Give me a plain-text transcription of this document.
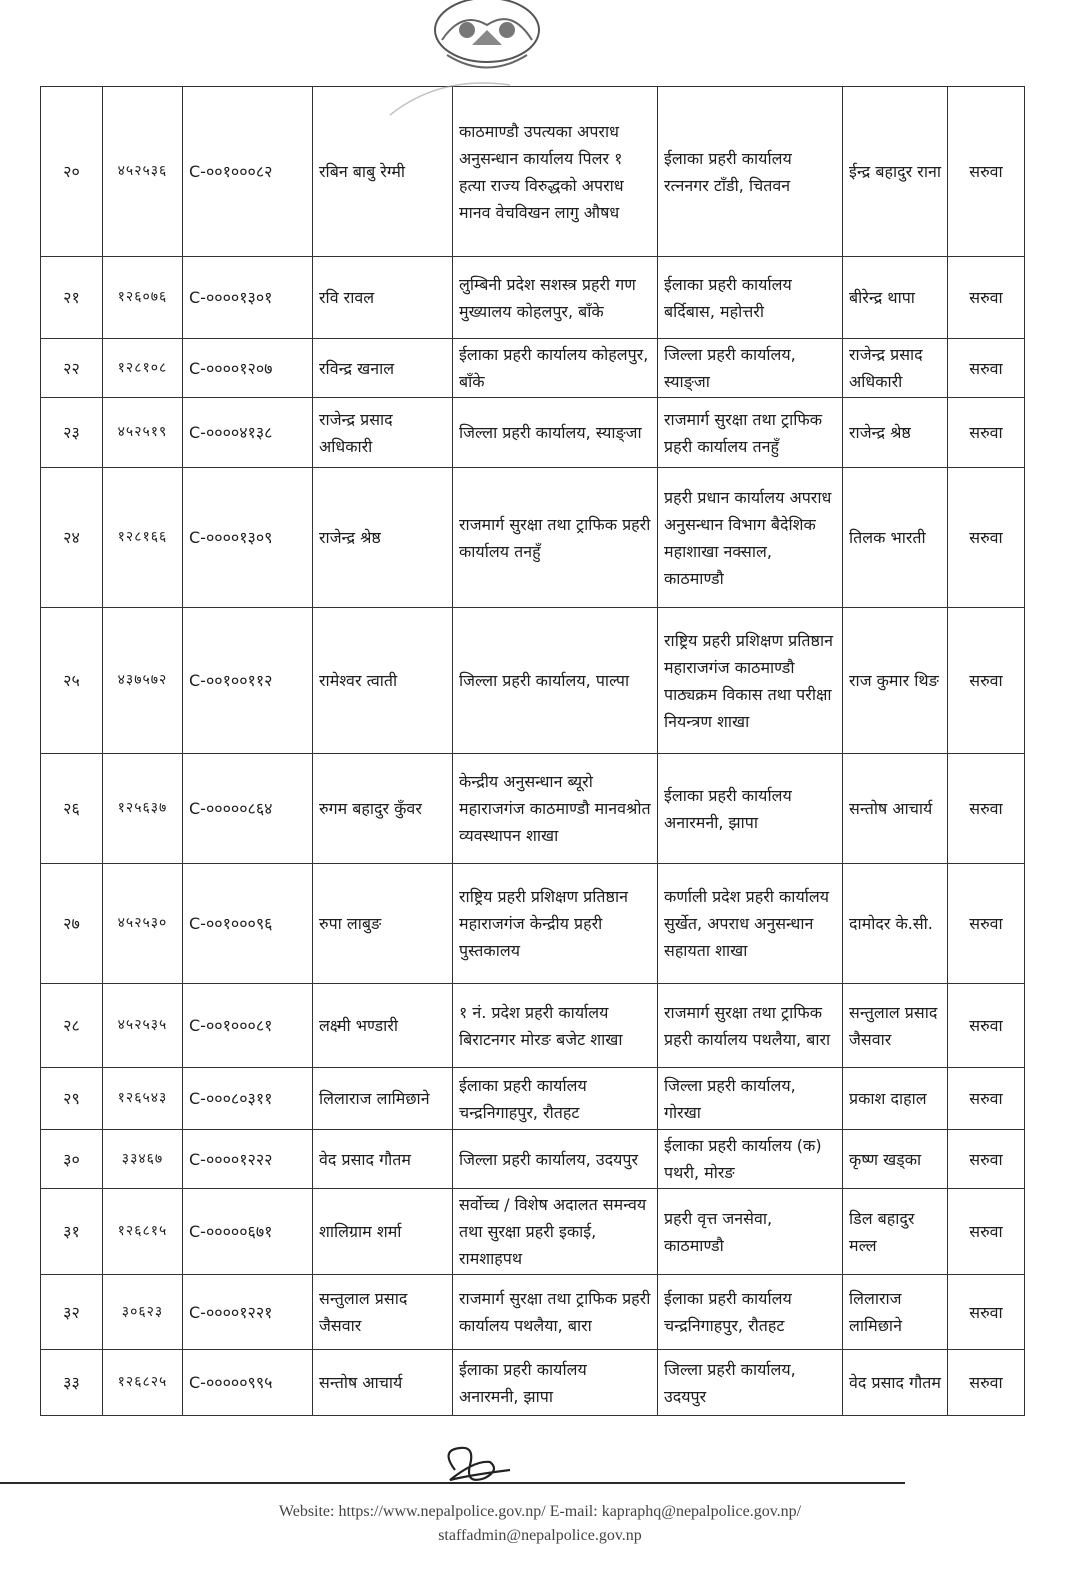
२०	४५२५३६	C-००१०००८२	रबिन बाबु रेग्मी	काठमाण्डौ उपत्यका अपराध अनुसन्धान कार्यालय पिलर १ हत्या राज्य विरुद्धको अपराध मानव वेचविखन लागु औषध	ईलाका प्रहरी कार्यालय रत्ननगर टाँडी, चितवन	ईन्द्र बहादुर राना	सरुवा
२१	१२६०७६	C-००००१३०१	रवि रावल	लुम्बिनी प्रदेश सशस्त्र प्रहरी गण मुख्यालय कोहलपुर, बाँके	ईलाका प्रहरी कार्यालय बर्दिबास, महोत्तरी	बीरेन्द्र थापा	सरुवा
२२	१२८१०८	C-००००१२०७	रविन्द्र खनाल	ईलाका प्रहरी कार्यालय कोहलपुर, बाँके	जिल्ला प्रहरी कार्यालय, स्याङ्जा	राजेन्द्र प्रसाद अधिकारी	सरुवा
२३	४५२५१९	C-००००४१३८	राजेन्द्र प्रसाद अधिकारी	जिल्ला प्रहरी कार्यालय, स्याङ्जा	राजमार्ग सुरक्षा तथा ट्राफिक प्रहरी कार्यालय तनहुँ	राजेन्द्र श्रेष्ठ	सरुवा
२४	१२८१६६	C-००००१३०९	राजेन्द्र श्रेष्ठ	राजमार्ग सुरक्षा तथा ट्राफिक प्रहरी कार्यालय तनहुँ	प्रहरी प्रधान कार्यालय अपराध अनुसन्धान विभाग बैदेशिक महाशाखा नक्साल, काठमाण्डौ	तिलक भारती	सरुवा
२५	४३७५७२	C-००१००११२	रामेश्वर त्वाती	जिल्ला प्रहरी कार्यालय, पाल्पा	राष्ट्रिय प्रहरी प्रशिक्षण प्रतिष्ठान महाराजगंज काठमाण्डौ पाठ्यक्रम विकास तथा परीक्षा नियन्त्रण शाखा	राज कुमार थिङ	सरुवा
२६	१२५६३७	C-०००००८६४	रुगम बहादुर कुँवर	केन्द्रीय अनुसन्धान ब्यूरो महाराजगंज काठमाण्डौ मानवश्रोत व्यवस्थापन शाखा	ईलाका प्रहरी कार्यालय अनारमनी, झापा	सन्तोष आचार्य	सरुवा
२७	४५२५३०	C-००१०००९६	रुपा लाबुङ	राष्ट्रिय प्रहरी प्रशिक्षण प्रतिष्ठान महाराजगंज केन्द्रीय प्रहरी पुस्तकालय	कर्णाली प्रदेश प्रहरी कार्यालय सुर्खेत, अपराध अनुसन्धान सहायता शाखा	दामोदर के.सी.	सरुवा
२८	४५२५३५	C-००१०००८१	लक्ष्मी भण्डारी	१ नं. प्रदेश प्रहरी कार्यालय बिराटनगर मोरङ बजेट शाखा	राजमार्ग सुरक्षा तथा ट्राफिक प्रहरी कार्यालय पथलैया, बारा	सन्तुलाल प्रसाद जैसवार	सरुवा
२९	१२६५४३	C-०००८०३११	लिलाराज लामिछाने	ईलाका प्रहरी कार्यालय चन्द्रनिगाहपुर, रौतहट	जिल्ला प्रहरी कार्यालय, गोरखा	प्रकाश दाहाल	सरुवा
३०	३३४६७	C-००००१२२२	वेद प्रसाद गौतम	जिल्ला प्रहरी कार्यालय, उदयपुर	ईलाका प्रहरी कार्यालय (क) पथरी, मोरङ	कृष्ण खड्का	सरुवा
३१	१२६८१५	C-०००००६७१	शालिग्राम शर्मा	सर्वोच्च / विशेष अदालत समन्वय तथा सुरक्षा प्रहरी इकाई, रामशाहपथ	प्रहरी वृत्त जनसेवा, काठमाण्डौ	डिल बहादुर मल्ल	सरुवा
३२	३०६२३	C-००००१२२१	सन्तुलाल प्रसाद जैसवार	राजमार्ग सुरक्षा तथा ट्राफिक प्रहरी कार्यालय पथलैया, बारा	ईलाका प्रहरी कार्यालय चन्द्रनिगाहपुर, रौतहट	लिलाराज लामिछाने	सरुवा
३३	१२६८२५	C-०००००९९५	सन्तोष आचार्य	ईलाका प्रहरी कार्यालय अनारमनी, झापा	जिल्ला प्रहरी कार्यालय, उदयपुर	वेद प्रसाद गौतम	सरुवा
Website: https://www.nepalpolice.gov.np/ E-mail: kapraphq@nepalpolice.gov.np/
staffadmin@nepalpolice.gov.np
